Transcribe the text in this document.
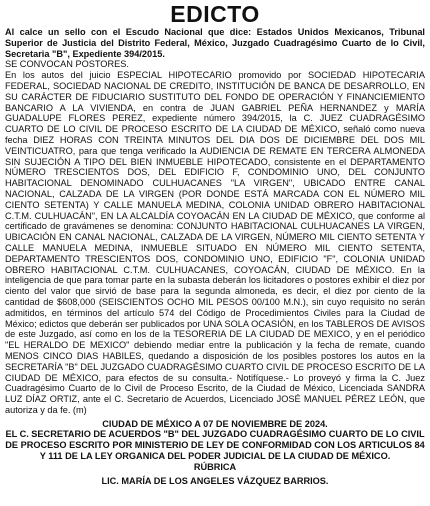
EDICTO

Al calce un sello con el Escudo Nacional que dice: Estados Unidos Mexicanos, Tribunal Superior de Justicia del Distrito Federal, México, Juzgado Cuadragésimo Cuarto de lo Civil, Secretaria "B", Expediente 394/2015.

SE CONVOCAN POSTORES.

En los autos del juicio ESPECIAL HIPOTECARIO promovido por SOCIEDAD HIPOTECARIA FEDERAL, SOCIEDAD NACIONAL DE CREDITO, INSTITUCIÓN DE BANCA DE DESARROLLO, EN SU CARÁCTER DE FIDUCIARIO SUSTITUTO DEL FONDO DE OPERACIÓN Y FINANCIEMIENTO BANCARIO A LA VIVIENDA, en contra de JUAN GABRIEL PEÑA HERNANDEZ y MARÍA GUADALUPE FLORES PEREZ, expediente número 394/2015, la C. JUEZ CUADRAGÉSIMO CUARTO DE LO CIVIL DE PROCESO ESCRITO DE LA CIUDAD DE MÉXICO, señaló como nueva fecha DIEZ HORAS CON TREINTA MINUTOS DEL DIA DOS DE DICIEMBRE DEL DOS MIL VEINTICUATRO, para que tenga verificado la AUDIENCIA DE REMATE EN TERCERA ALMONEDA SIN SUJECIÓN A TIPO DEL BIEN INMUEBLE HIPOTECADO, consistente en el DEPARTAMENTO NÚMERO TRESCIENTOS DOS, DEL EDIFICIO F, CONDOMINIO UNO, DEL CONJUNTO HABITACIONAL DENOMINADO CULHUACANES "LA VIRGEN", UBICADO ENTRE CANAL NACIONAL, CALZADA DE LA VIRGEN (POR DONDE ESTÁ MARCADA CON EL NÚMERO MIL CIENTO SETENTA) Y CALLE MANUELA MEDINA, COLONIA UNIDAD OBRERO HABITACIONAL C.T.M. CULHUACÁN", EN LA ALCALDÍA COYOACÁN EN LA CIUDAD DE MÉXICO, que conforme al certificado de gravámenes se denomina: CONJUNTO HABITACIONAL CULHUACANES LA VIRGEN, UBICACIÓN EN CANAL NACIONAL, CALZADA DE LA VIRGEN, NÚMERO MIL CIENTO SETENTA Y CALLE MANUELA MEDINA, INMUEBLE SITUADO EN NÚMERO MIL CIENTO SETENTA, DEPARTAMENTO TRESCIENTOS DOS, CONDOMINIO UNO, EDIFICIO "F", COLONIA UNIDAD OBRERO HABITACIONAL C.T.M. CULHUACANES, COYOACÁN, CIUDAD DE MÉXICO. En la inteligencia de que para tomar parte en la subasta deberán los licitadores o postores exhibir el diez por ciento del valor que sirvió de base para la segunda almoneda, es decir, el diez por ciento de la cantidad de $608,000 (SEISCIENTOS OCHO MIL PESOS 00/100 M.N.), sin cuyo requisito no serán admitidos, en términos del artículo 574 del Código de Procedimientos Civiles para la Ciudad de México; edictos que deberán ser publicados por UNA SOLA OCASIÓN, en los TABLEROS DE AVISOS de este Juzgado, así como en los de la TESORERIA DE LA CIUDAD DE MEXICO, y en el periódico "EL HERALDO DE MEXICO" debiendo mediar entre la publicación y la fecha de remate, cuando MENOS CINCO DIAS HABILES, quedando a disposición de los posibles postores los autos en la SECRETARÍA "B" DEL JUZGADO CUADRAGÉSIMO CUARTO CIVIL DE PROCESO ESCRITO DE LA CIUDAD DE MÉXICO, para efectos de su consulta.- Notifíquese.- Lo proveyó y firma la C. Juez Cuadragésimo Cuarto de lo Civil de Proceso Escrito, de la Ciudad de México, Licenciada SANDRA LUZ DÍAZ ORTIZ, ante el C. Secretario de Acuerdos, Licenciado JOSÉ MANUEL PÉREZ LEÓN, que autoriza y da fe. (m)

CIUDAD DE MÉXICO A 07 DE NOVIEMBRE DE 2024.

EL C. SECRETARIO DE ACUERDOS "B" DEL JUZGADO CUADRAGÉSIMO CUARTO DE LO CIVIL DE PROCESO ESCRITO POR MINISTERIO DE LEY DE CONFORMIDAD CON LOS ARTICULOS 84 Y 111 DE LA LEY ORGANICA DEL PODER JUDICIAL DE LA CIUDAD DE MÉXICO.

RÚBRICA

LIC. MARÍA DE LOS ANGELES VÁZQUEZ BARRIOS.
